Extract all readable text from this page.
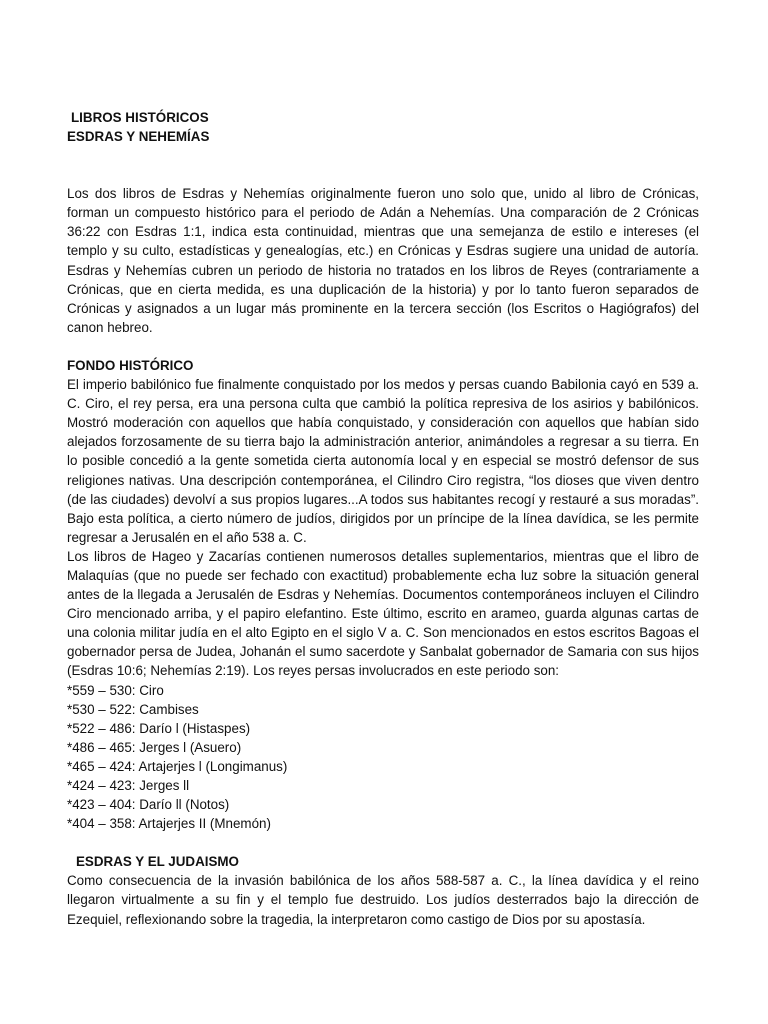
LIBROS HISTÓRICOS

ESDRAS Y NEHEMÍAS

Los dos libros de Esdras y Nehemías originalmente fueron uno solo que, unido al libro de Crónicas, forman un compuesto histórico para el periodo de Adán a Nehemías. Una comparación de 2 Crónicas 36:22 con Esdras 1:1, indica esta continuidad, mientras que una semejanza de estilo e intereses (el templo y su culto, estadísticas y genealogías, etc.) en Crónicas y Esdras sugiere una unidad de autoría. Esdras y Nehemías cubren un periodo de historia no tratados en los libros de Reyes (contrariamente a Crónicas, que en cierta medida, es una duplicación de la historia) y por lo tanto fueron separados de Crónicas y asignados a un lugar más prominente en la tercera sección (los Escritos o Hagiógrafos) del canon hebreo.

FONDO HISTÓRICO

El imperio babilónico fue finalmente conquistado por los medos y persas cuando Babilonia cayó en 539 a. C. Ciro, el rey persa, era una persona culta que cambió la política represiva de los asirios y babilónicos. Mostró moderación con aquellos que había conquistado, y consideración con aquellos que habían sido alejados forzosamente de su tierra bajo la administración anterior, animándoles a regresar a su tierra. En lo posible concedió a la gente sometida cierta autonomía local y en especial se mostró defensor de sus religiones nativas. Una descripción contemporánea, el Cilindro Ciro registra, “los dioses que viven dentro (de las ciudades) devolví a sus propios lugares...A todos sus habitantes recogí y restauré a sus moradas”. Bajo esta política, a cierto número de judíos, dirigidos por un príncipe de la línea davídica, se les permite regresar a Jerusalén en el año 538 a. C.

Los libros de Hageo y Zacarías contienen numerosos detalles suplementarios, mientras que el libro de Malaquías (que no puede ser fechado con exactitud) probablemente echa luz sobre la situación general antes de la llegada a Jerusalén de Esdras y Nehemías. Documentos contemporáneos incluyen el Cilindro Ciro mencionado arriba, y el papiro elefantino. Este último, escrito en arameo, guarda algunas cartas de una colonia militar judía en el alto Egipto en el siglo V a. C. Son mencionados en estos escritos Bagoas el gobernador persa de Judea, Johanán el sumo sacerdote y Sanbalat gobernador de Samaria con sus hijos (Esdras 10:6; Nehemías 2:19). Los reyes persas involucrados en este periodo son:

*559 – 530: Ciro
*530 – 522: Cambises
*522 – 486: Darío l (Histaspes)
*486 – 465: Jerges l (Asuero)
*465 – 424: Artajerjes l (Longimanus)
*424 – 423: Jerges ll
*423 – 404: Darío ll (Notos)
*404 – 358: Artajerjes II (Mnemón)

ESDRAS Y EL JUDAISMO

Como consecuencia de la invasión babilónica de los años 588-587 a. C., la línea davídica y el reino llegaron virtualmente a su fin y el templo fue destruido. Los judíos desterrados bajo la dirección de Ezequiel, reflexionando sobre la tragedia, la interpretaron como castigo de Dios por su apostasía.
